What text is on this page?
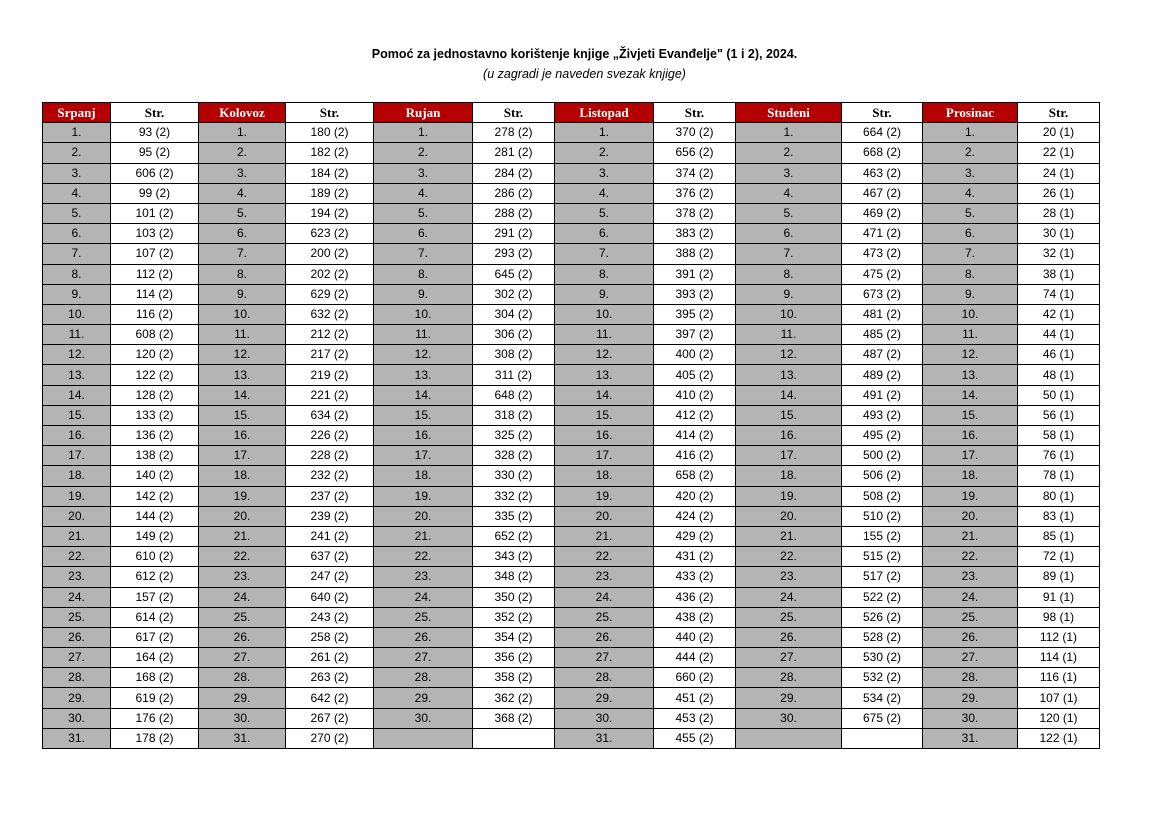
Pomoć za jednostavno korištenje knjige „Živjeti Evanđelje" (1 i 2), 2024.
(u zagradi je naveden svezak knjige)
Srpanj	Str.	Kolovoz	Str.	Rujan	Str.	Listopad	Str.	Studeni	Str.	Prosinac	Str.
1.	93 (2)	1.	180 (2)	1.	278 (2)	1.	370 (2)	1.	664 (2)	1.	20 (1)
2.	95 (2)	2.	182 (2)	2.	281 (2)	2.	656 (2)	2.	668 (2)	2.	22 (1)
3.	606 (2)	3.	184 (2)	3.	284 (2)	3.	374 (2)	3.	463 (2)	3.	24 (1)
4.	99 (2)	4.	189 (2)	4.	286 (2)	4.	376 (2)	4.	467 (2)	4.	26 (1)
5.	101 (2)	5.	194 (2)	5.	288 (2)	5.	378 (2)	5.	469 (2)	5.	28 (1)
6.	103 (2)	6.	623 (2)	6.	291 (2)	6.	383 (2)	6.	471 (2)	6.	30 (1)
7.	107 (2)	7.	200 (2)	7.	293 (2)	7.	388 (2)	7.	473 (2)	7.	32 (1)
8.	112 (2)	8.	202 (2)	8.	645 (2)	8.	391 (2)	8.	475 (2)	8.	38 (1)
9.	114 (2)	9.	629 (2)	9.	302 (2)	9.	393 (2)	9.	673 (2)	9.	74 (1)
10.	116 (2)	10.	632 (2)	10.	304 (2)	10.	395 (2)	10.	481 (2)	10.	42 (1)
11.	608 (2)	11.	212 (2)	11.	306 (2)	11.	397 (2)	11.	485 (2)	11.	44 (1)
12.	120 (2)	12.	217 (2)	12.	308 (2)	12.	400 (2)	12.	487 (2)	12.	46 (1)
13.	122 (2)	13.	219 (2)	13.	311 (2)	13.	405 (2)	13.	489 (2)	13.	48 (1)
14.	128 (2)	14.	221 (2)	14.	648 (2)	14.	410 (2)	14.	491 (2)	14.	50 (1)
15.	133 (2)	15.	634 (2)	15.	318 (2)	15.	412 (2)	15.	493 (2)	15.	56 (1)
16.	136 (2)	16.	226 (2)	16.	325 (2)	16.	414 (2)	16.	495 (2)	16.	58 (1)
17.	138 (2)	17.	228 (2)	17.	328 (2)	17.	416 (2)	17.	500 (2)	17.	76 (1)
18.	140 (2)	18.	232 (2)	18.	330 (2)	18.	658 (2)	18.	506 (2)	18.	78 (1)
19.	142 (2)	19.	237 (2)	19.	332 (2)	19.	420 (2)	19.	508 (2)	19.	80 (1)
20.	144 (2)	20.	239 (2)	20.	335 (2)	20.	424 (2)	20.	510 (2)	20.	83 (1)
21.	149 (2)	21.	241 (2)	21.	652 (2)	21.	429 (2)	21.	155 (2)	21.	85 (1)
22.	610 (2)	22.	637 (2)	22.	343 (2)	22.	431 (2)	22.	515 (2)	22.	72 (1)
23.	612 (2)	23.	247 (2)	23.	348 (2)	23.	433 (2)	23.	517 (2)	23.	89 (1)
24.	157 (2)	24.	640 (2)	24.	350 (2)	24.	436 (2)	24.	522 (2)	24.	91 (1)
25.	614 (2)	25.	243 (2)	25.	352 (2)	25.	438 (2)	25.	526 (2)	25.	98 (1)
26.	617 (2)	26.	258 (2)	26.	354 (2)	26.	440 (2)	26.	528 (2)	26.	112 (1)
27.	164 (2)	27.	261 (2)	27.	356 (2)	27.	444 (2)	27.	530 (2)	27.	114 (1)
28.	168 (2)	28.	263 (2)	28.	358 (2)	28.	660 (2)	28.	532 (2)	28.	116 (1)
29.	619 (2)	29.	642 (2)	29.	362 (2)	29.	451 (2)	29.	534 (2)	29.	107 (1)
30.	176 (2)	30.	267 (2)	30.	368 (2)	30.	453 (2)	30.	675 (2)	30.	120 (1)
31.	178 (2)	31.	270 (2)			31.	455 (2)			31.	122 (1)
